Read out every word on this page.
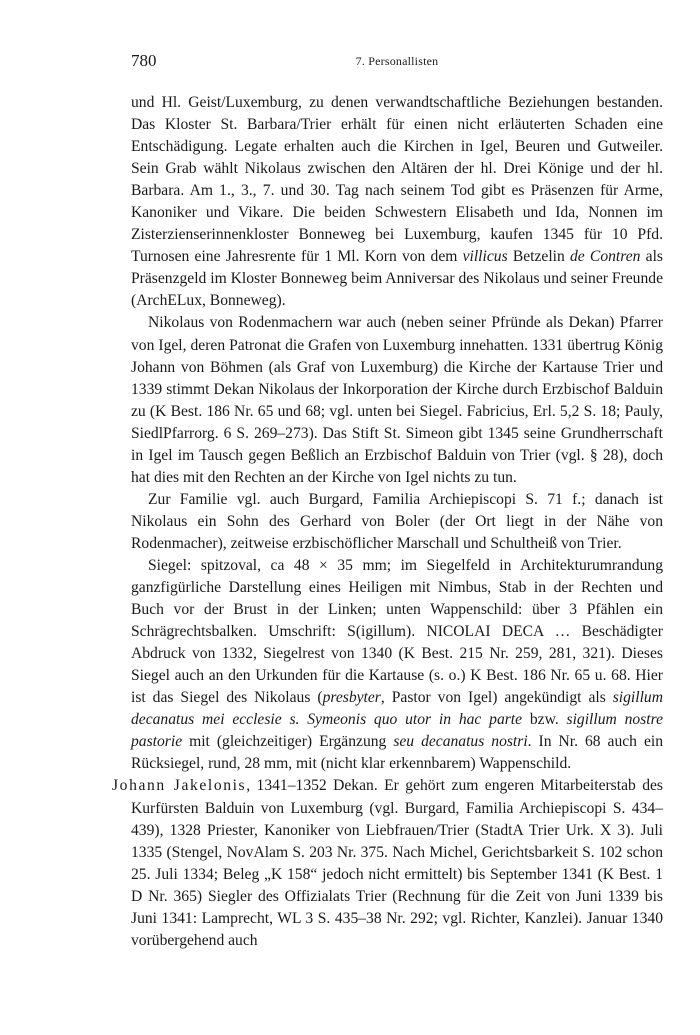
780	7. Personallisten

und Hl. Geist/Luxemburg, zu denen verwandtschaftliche Beziehungen bestanden. Das Kloster St. Barbara/Trier erhält für einen nicht erläuterten Schaden eine Entschädigung. Legate erhalten auch die Kirchen in Igel, Beuren und Gutweiler. Sein Grab wählt Nikolaus zwischen den Altären der hl. Drei Könige und der hl. Barbara. Am 1., 3., 7. und 30. Tag nach seinem Tod gibt es Präsenzen für Arme, Kanoniker und Vikare. Die beiden Schwestern Elisabeth und Ida, Nonnen im Zisterzienserinnenkloster Bonneweg bei Luxemburg, kaufen 1345 für 10 Pfd. Turnosen eine Jahresrente für 1 Ml. Korn von dem villicus Betzelin de Contren als Präsenzgeld im Kloster Bonneweg beim Anniversar des Nikolaus und seiner Freunde (ArchELux, Bonneweg).

Nikolaus von Rodenmachern war auch (neben seiner Pfründe als Dekan) Pfarrer von Igel, deren Patronat die Grafen von Luxemburg innehatten. 1331 übertrug König Johann von Böhmen (als Graf von Luxemburg) die Kirche der Kartause Trier und 1339 stimmt Dekan Nikolaus der Inkorporation der Kirche durch Erzbischof Balduin zu (K Best. 186 Nr. 65 und 68; vgl. unten bei Siegel. Fabricius, Erl. 5,2 S. 18; Pauly, SiedlPfarrorg. 6 S. 269–273). Das Stift St. Simeon gibt 1345 seine Grundherrschaft in Igel im Tausch gegen Beßlich an Erzbischof Balduin von Trier (vgl. § 28), doch hat dies mit den Rechten an der Kirche von Igel nichts zu tun.

Zur Familie vgl. auch Burgard, Familia Archiepiscopi S. 71 f.; danach ist Nikolaus ein Sohn des Gerhard von Boler (der Ort liegt in der Nähe von Rodenmacher), zeitweise erzbischöflicher Marschall und Schultheiß von Trier.

Siegel: spitzoval, ca 48 × 35 mm; im Siegelfeld in Architekturumrandung ganzfigürliche Darstellung eines Heiligen mit Nimbus, Stab in der Rechten und Buch vor der Brust in der Linken; unten Wappenschild: über 3 Pfählen ein Schrägrechtsbalken. Umschrift: S(igillum). NICOLAI DECA … Beschädigter Abdruck von 1332, Siegelrest von 1340 (K Best. 215 Nr. 259, 281, 321). Dieses Siegel auch an den Urkunden für die Kartause (s. o.) K Best. 186 Nr. 65 u. 68. Hier ist das Siegel des Nikolaus (presbyter, Pastor von Igel) angekündigt als sigillum decanatus mei ecclesie s. Symeonis quo utor in hac parte bzw. sigillum nostre pastorie mit (gleichzeitiger) Ergänzung seu decanatus nostri. In Nr. 68 auch ein Rücksiegel, rund, 28 mm, mit (nicht klar erkennbarem) Wappenschild.

Johann Jakelonis, 1341–1352 Dekan. Er gehört zum engeren Mitarbeiterstab des Kurfürsten Balduin von Luxemburg (vgl. Burgard, Familia Archiepiscopi S. 434–439), 1328 Priester, Kanoniker von Liebfrauen/Trier (StadtA Trier Urk. X 3). Juli 1335 (Stengel, NovAlam S. 203 Nr. 375. Nach Michel, Gerichtsbarkeit S. 102 schon 25. Juli 1334; Beleg „K 158“ jedoch nicht ermittelt) bis September 1341 (K Best. 1 D Nr. 365) Siegler des Offizialats Trier (Rechnung für die Zeit von Juni 1339 bis Juni 1341: Lamprecht, WL 3 S. 435–38 Nr. 292; vgl. Richter, Kanzlei). Januar 1340 vorübergehend auch
